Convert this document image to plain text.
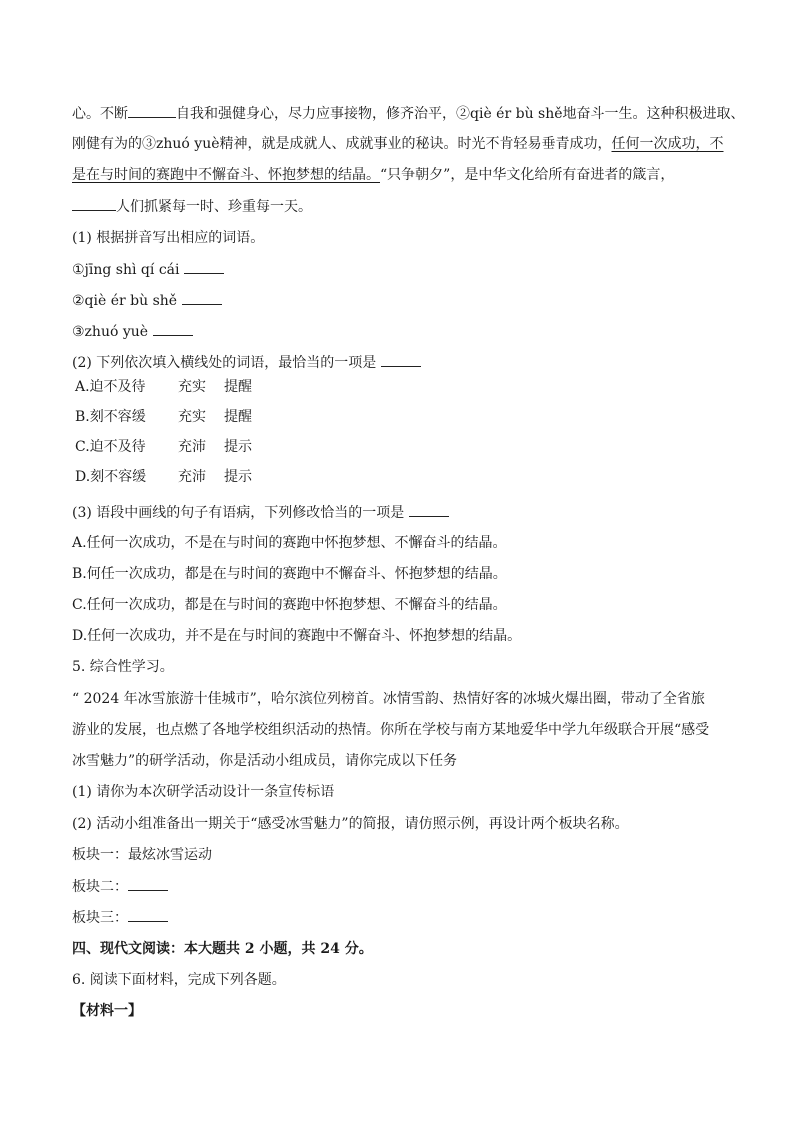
心。不断	自我和强健身心，尽力应事接物，修齐治平，②qiè ér bù shě地奋斗一生。这种积极进取、
刚健有为的③zhuó yuè精神，就是成就人、成就事业的秘诀。时光不肯轻易垂青成功，任何一次成功，不
是在与时间的赛跑中不懈奋斗、怀抱梦想的结晶。“只争朝夕”，是中华文化给所有奋进者的箴言，
人们抓紧每一时、珍重每一天。
(1) 根据拼音写出相应的词语。
①jīng shì qí cái
②qiè ér bù shě
③zhuó yuè
(2) 下列依次填入横线处的词语，最恰当的一项是
A.迫不及待 充实 提醒
B.刻不容缓 充实 提醒
C.迫不及待 充沛 提示
D.刻不容缓 充沛 提示
(3) 语段中画线的句子有语病，下列修改恰当的一项是
A.任何一次成功，不是在与时间的赛跑中怀抱梦想、不懈奋斗的结晶。
B.何任一次成功，都是在与时间的赛跑中不懈奋斗、怀抱梦想的结晶。
C.任何一次成功，都是在与时间的赛跑中怀抱梦想、不懈奋斗的结晶。
D.任何一次成功，并不是在与时间的赛跑中不懈奋斗、怀抱梦想的结晶。
5. 综合性学习。
“ 2024 年冰雪旅游十佳城市”，哈尔滨位列榜首。冰情雪韵、热情好客的冰城火爆出圈，带动了全省旅
游业的发展，也点燃了各地学校组织活动的热情。你所在学校与南方某地爱华中学九年级联合开展“感受
冰雪魅力”的研学活动，你是活动小组成员，请你完成以下任务
(1) 请你为本次研学活动设计一条宣传标语
(2) 活动小组准备出一期关于“感受冰雪魅力”的简报，请仿照示例，再设计两个板块名称。
板块一：最炫冰雪运动
板块二：
板块三：
四、现代文阅读：本大题共 2 小题，共 24 分。
6. 阅读下面材料，完成下列各题。
【材料一】
